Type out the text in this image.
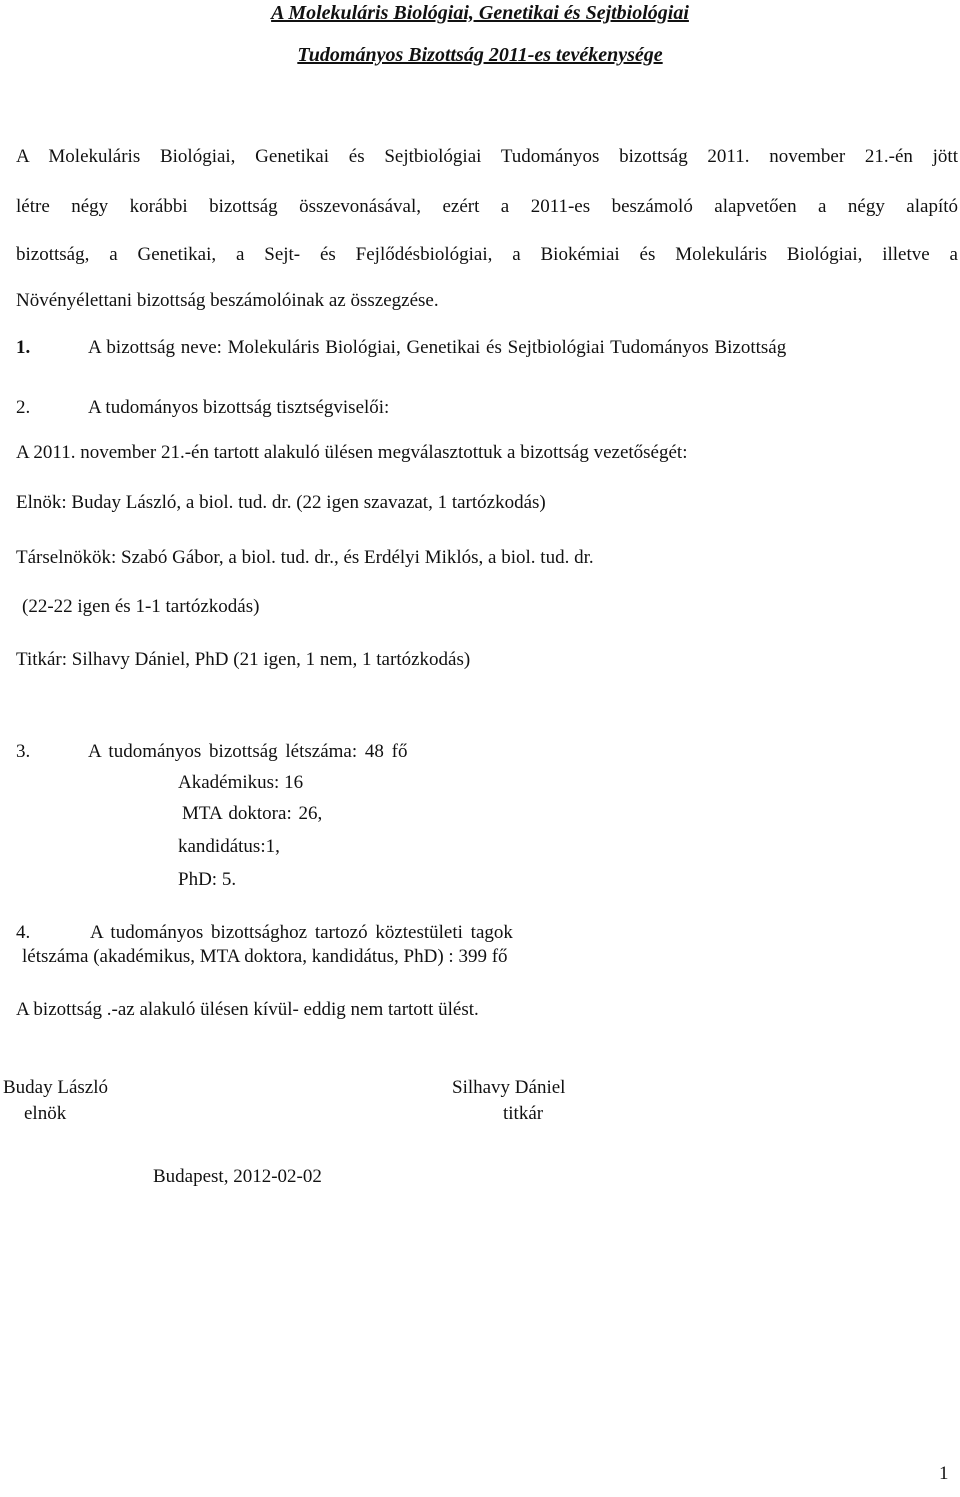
A Molekuláris Biológiai, Genetikai és Sejtbiológiai
Tudományos Bizottság 2011-es tevékenysége
A Molekuláris Biológiai, Genetikai és Sejtbiológiai Tudományos bizottság 2011. november 21.-én jött
létre négy korábbi bizottság összevonásával, ezért a 2011-es beszámoló alapvetően a négy alapító
bizottság, a Genetikai, a Sejt- és Fejlődésbiológiai, a Biokémiai és Molekuláris Biológiai, illetve a
Növényélettani bizottság beszámolóinak az összegzése.
1.	A bizottság neve: Molekuláris Biológiai, Genetikai és Sejtbiológiai Tudományos Bizottság
2.	A tudományos bizottság tisztségviselői:
A 2011. november 21.-én tartott alakuló ülésen megválasztottuk a bizottság vezetőségét:
Elnök: Buday László, a biol. tud. dr. (22 igen szavazat, 1 tartózkodás)
Társelnökök: Szabó Gábor, a biol. tud. dr., és Erdélyi Miklós, a biol. tud. dr.
(22-22 igen és 1-1 tartózkodás)
Titkár: Silhavy Dániel, PhD (21 igen, 1 nem, 1 tartózkodás)
3.	A tudományos bizottság létszáma: 48 fő
Akadémikus: 16
MTA doktora: 26,
kandidátus:1,
PhD: 5.
4.	A tudományos bizottsághoz tartozó köztestületi tagok
létszáma (akadémikus, MTA doktora, kandidátus, PhD) : 399 fő
A bizottság .-az alakuló ülésen kívül- eddig nem tartott ülést.
Buday László
elnök
Silhavy Dániel
titkár
Budapest, 2012-02-02
1
